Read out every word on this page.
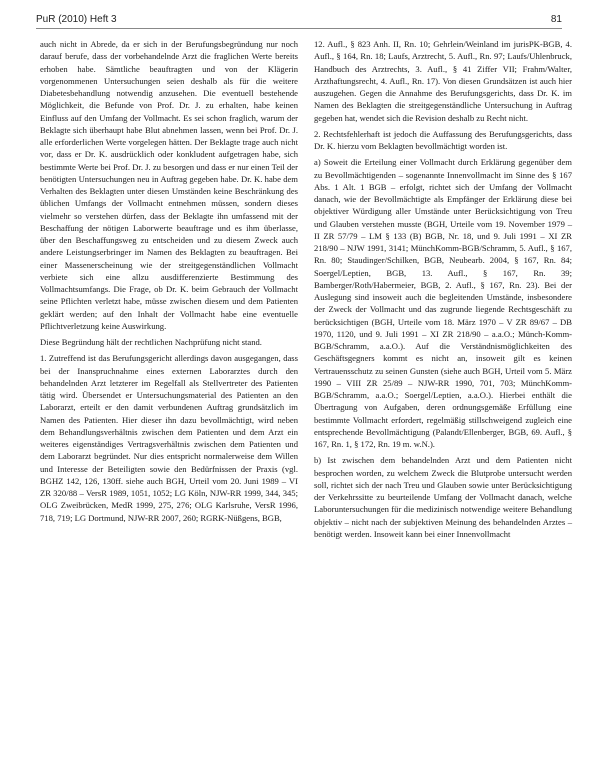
PuR (2010) Heft 3	81

auch nicht in Abrede, da er sich in der Berufungsbegründung nur noch darauf berufe, dass der vorbehandelnde Arzt die fraglichen Werte bereits erhoben habe. Sämtliche beauftragten und von der Klägerin vorgenommenen Untersuchungen seien deshalb als für die weitere Diabetesbehandlung notwendig anzusehen. Die eventuell bestehende Möglichkeit, die Befunde von Prof. Dr. J. zu erhalten, habe keinen Einfluss auf den Umfang der Vollmacht. Es sei schon fraglich, warum der Beklagte sich überhaupt habe Blut abnehmen lassen, wenn bei Prof. Dr. J. alle erforderlichen Werte vorgelegen hätten. Der Beklagte trage auch nicht vor, dass er Dr. K. ausdrücklich oder konkludent aufgetragen habe, sich bestimmte Werte bei Prof. Dr. J. zu besorgen und dass er nur einen Teil der benötigten Untersuchungen neu in Auftrag gegeben habe. Dr. K. habe dem Verhalten des Beklagten unter diesen Umständen keine Beschränkung des üblichen Umfangs der Vollmacht entnehmen müssen, sondern dieses vielmehr so verstehen dürfen, dass der Beklagte ihn umfassend mit der Beschaffung der nötigen Laborwerte beauftrage und es ihm überlasse, über den Beschaffungsweg zu entscheiden und zu diesem Zweck auch andere Leistungserbringer im Namen des Beklagten zu beauftragen. Bei einer Massenerscheinung wie der streitgegenständlichen Vollmacht verbiete sich eine allzu ausdifferenzierte Bestimmung des Vollmachtsumfangs. Die Frage, ob Dr. K. beim Gebrauch der Vollmacht seine Pflichten verletzt habe, müsse zwischen diesem und dem Patienten geklärt werden; auf den Inhalt der Vollmacht habe eine eventuelle Pflichtverletzung keine Auswirkung.

Diese Begründung hält der rechtlichen Nachprüfung nicht stand.

1. Zutreffend ist das Berufungsgericht allerdings davon ausgegangen, dass bei der Inanspruchnahme eines externen Laborarztes durch den behandelnden Arzt letzterer im Regelfall als Stellvertreter des Patienten tätig wird. Übersendet er Untersuchungsmaterial des Patienten an den Laborarzt, erteilt er den damit verbundenen Auftrag grundsätzlich im Namen des Patienten. Hier dieser ihn dazu bevollmächtigt, wird neben dem Behandlungsverhältnis zwischen dem Patienten und dem Arzt ein weiteres eigenständiges Vertragsverhältnis zwischen dem Patienten und dem Laborarzt begründet. Nur dies entspricht normalerweise dem Willen und Interesse der Beteiligten sowie den Bedürfnissen der Praxis (vgl. BGHZ 142, 126, 130ff. siehe auch BGH, Urteil vom 20. Juni 1989 – VI ZR 320/88 – VersR 1989, 1051, 1052; LG Köln, NJW-RR 1999, 344, 345; OLG Zweibrücken, MedR 1999, 275, 276; OLG Karlsruhe, VersR 1996, 718, 719; LG Dortmund, NJW-RR 2007, 260; RGRK-Nüßgens, BGB,

12. Aufl., § 823 Anh. II, Rn. 10; Gehrlein/Weinland im jurisPK-BGB, 4. Aufl., § 164, Rn. 18; Laufs, Arztrecht, 5. Aufl., Rn. 97; Laufs/Uhlenbruck, Handbuch des Arztrechts, 3. Aufl., § 41 Ziffer VII; Frahm/Walter, Arzthaftungsrecht, 4. Aufl., Rn. 17). Von diesen Grundsätzen ist auch hier auszugehen. Gegen die Annahme des Berufungsgerichts, dass Dr. K. im Namen des Beklagten die streitgegenständliche Untersuchung in Auftrag gegeben hat, wendet sich die Revision deshalb zu Recht nicht.

2. Rechtsfehlerhaft ist jedoch die Auffassung des Berufungsgerichts, dass Dr. K. hierzu vom Beklagten bevollmächtigt worden ist.

a) Soweit die Erteilung einer Vollmacht durch Erklärung gegenüber dem zu Bevollmächtigenden – sogenannte Innenvollmacht im Sinne des § 167 Abs. 1 Alt. 1 BGB – erfolgt, richtet sich der Umfang der Vollmacht danach, wie der Bevollmächtigte als Empfänger der Erklärung diese bei objektiver Würdigung aller Umstände unter Berücksichtigung von Treu und Glauben verstehen musste (BGH, Urteile vom 19. November 1979 – II ZR 57/79 – LM § 133 (B) BGB, Nr. 18, und 9. Juli 1991 – XI ZR 218/90 – NJW 1991, 3141; MünchKomm-BGB/Schramm, 5. Aufl., § 167, Rn. 80; Staudinger/Schilken, BGB, Neubearb. 2004, § 167, Rn. 84; Soergel/Leptien, BGB, 13. Aufl., § 167, Rn. 39; Bamberger/Roth/Habermeier, BGB, 2. Aufl., § 167, Rn. 23). Bei der Auslegung sind insoweit auch die begleitenden Umstände, insbesondere der Zweck der Vollmacht und das zugrunde liegende Rechtsgeschäft zu berücksichtigen (BGH, Urteile vom 18. März 1970 – V ZR 89/67 – DB 1970, 1120, und 9. Juli 1991 – XI ZR 218/90 – a.a.O.; Münch-Komm-BGB/Schramm, a.a.O.). Auf die Verständnismöglichkeiten des Geschäftsgegners kommt es nicht an, insoweit gilt es keinen Vertrauensschutz zu seinen Gunsten (siehe auch BGH, Urteil vom 5. März 1990 – VIII ZR 25/89 – NJW-RR 1990, 701, 703; MünchKomm-BGB/Schramm, a.a.O.; Soergel/Leptien, a.a.O.). Hierbei enthält die Übertragung von Aufgaben, deren ordnungsgemäße Erfüllung eine bestimmte Vollmacht erfordert, regelmäßig stillschweigend zugleich eine entsprechende Bevollmächtigung (Palandt/Ellenberger, BGB, 69. Aufl., § 167, Rn. 1, § 172, Rn. 19 m. w.N.).

b) Ist zwischen dem behandelnden Arzt und dem Patienten nicht besprochen worden, zu welchem Zweck die Blutprobe untersucht werden soll, richtet sich der nach Treu und Glauben sowie unter Berücksichtigung der Verkehrssitte zu beurteilende Umfang der Vollmacht danach, welche Laboruntersuchungen für die medizinisch notwendige weitere Behandlung objektiv – nicht nach der subjektiven Meinung des behandelnden Arztes – benötigt werden. Insoweit kann bei einer Innenvollmacht
